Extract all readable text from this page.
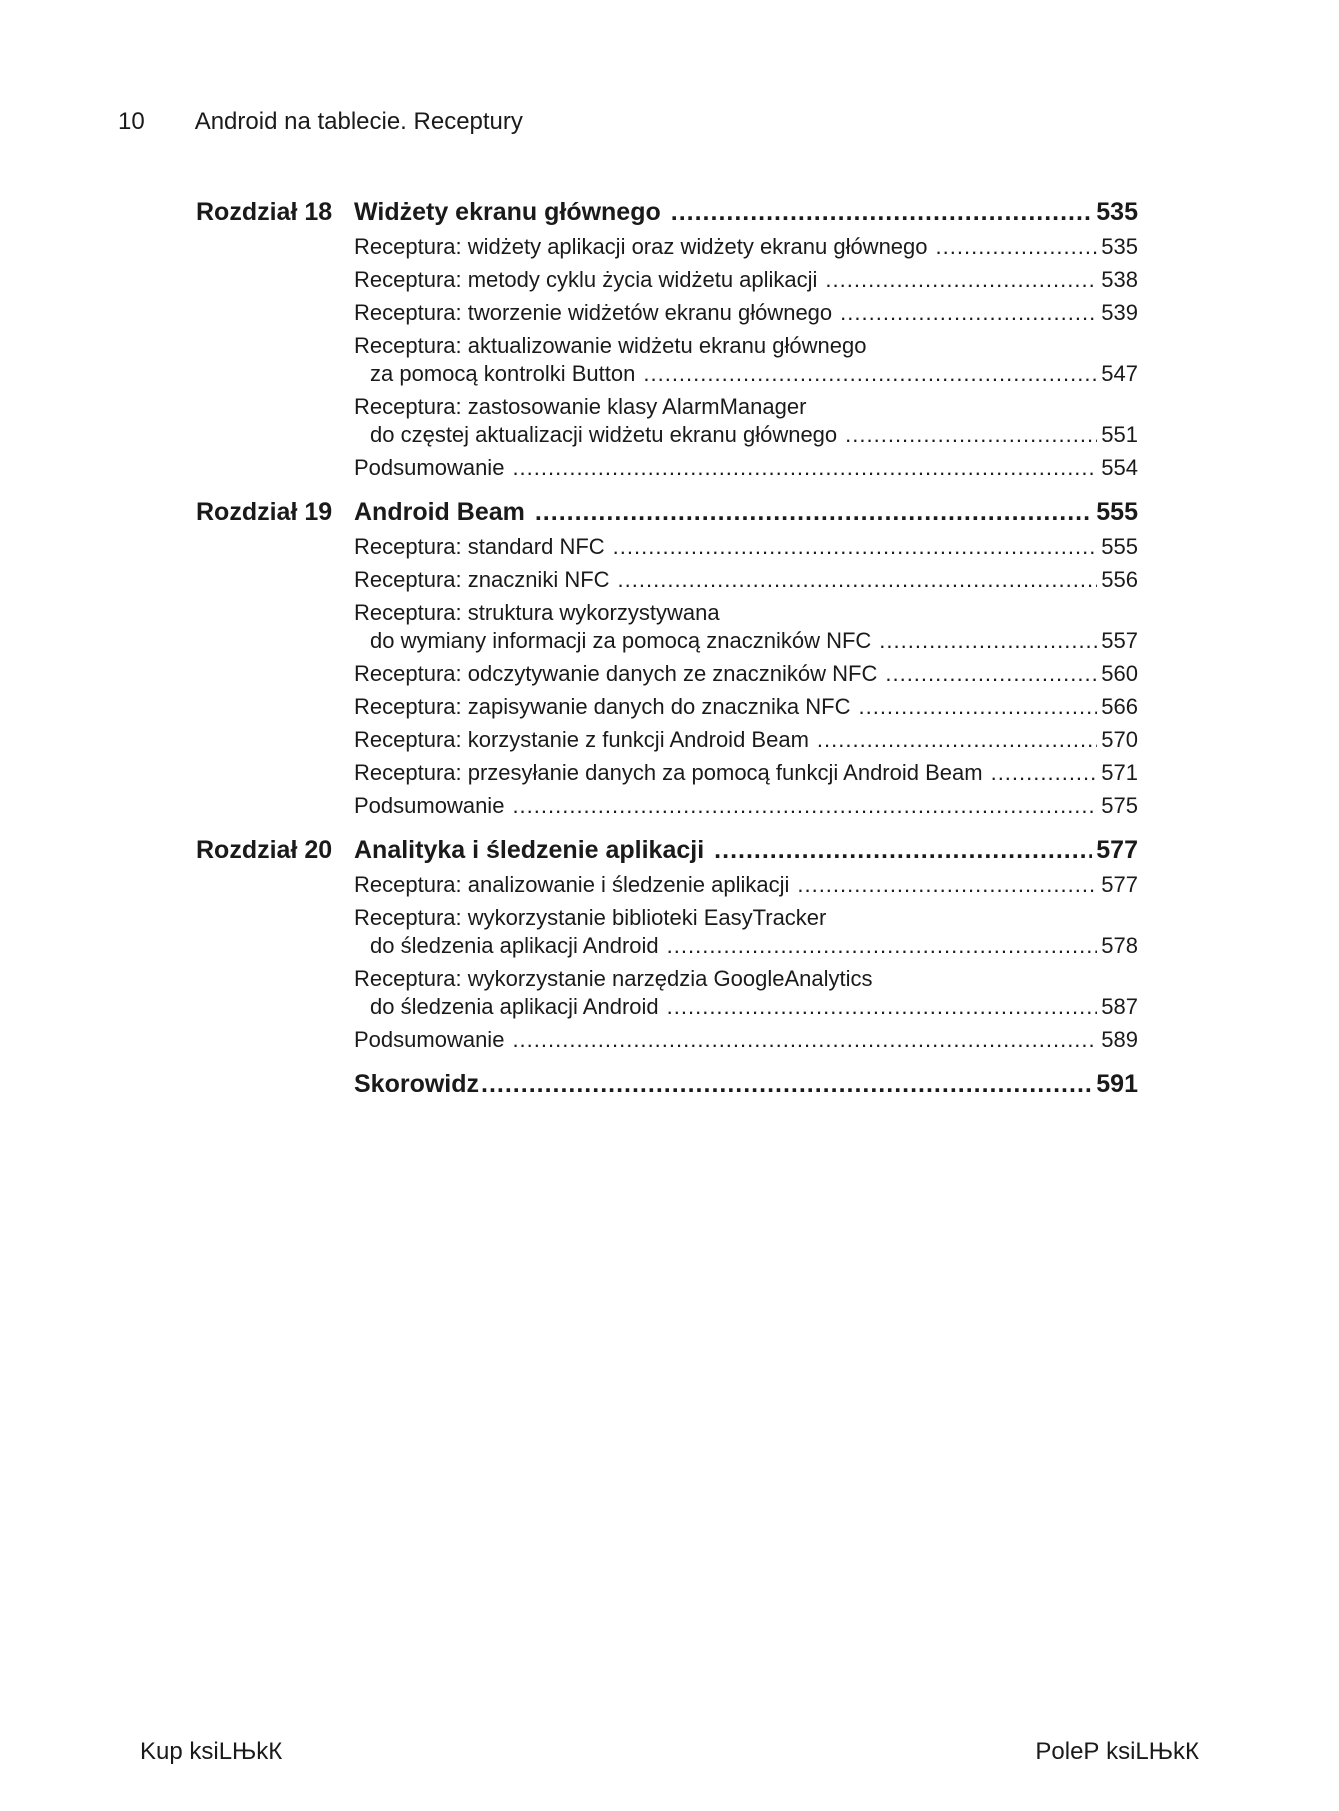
10 Android na tablecie. Receptury
Rozdział 18 Widżety ekranu głównego .....	535
Receptura: widżety aplikacji oraz widżety ekranu głównego .....	535
Receptura: metody cyklu życia widżetu aplikacji .....	538
Receptura: tworzenie widżetów ekranu głównego .....	539
Receptura: aktualizowanie widżetu ekranu głównego
za pomocą kontrolki Button .....	547
Receptura: zastosowanie klasy AlarmManager
do częstej aktualizacji widżetu ekranu głównego .....	551
Podsumowanie .....	554
Rozdział 19 Android Beam .....	555
Receptura: standard NFC .....	555
Receptura: znaczniki NFC .....	556
Receptura: struktura wykorzystywana
do wymiany informacji za pomocą znaczników NFC .....	557
Receptura: odczytywanie danych ze znaczników NFC .....	560
Receptura: zapisywanie danych do znacznika NFC .....	566
Receptura: korzystanie z funkcji Android Beam .....	570
Receptura: przesyłanie danych za pomocą funkcji Android Beam .....	571
Podsumowanie .....	575
Rozdział 20 Analityka i śledzenie aplikacji .....	577
Receptura: analizowanie i śledzenie aplikacji .....	577
Receptura: wykorzystanie biblioteki EasyTracker
do śledzenia aplikacji Android .....	578
Receptura: wykorzystanie narzędzia GoogleAnalytics
do śledzenia aplikacji Android .....	587
Podsumowanie .....	589
Skorowidz .....	591
Kup ksiLЊkК	PoleР ksiLЊkК
